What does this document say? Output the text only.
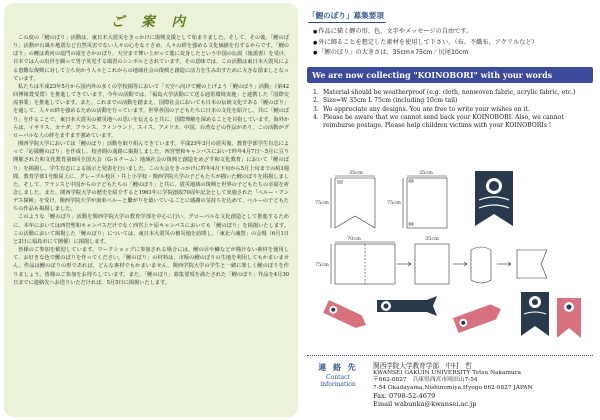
ご 案 内

この度の「鯉のぼり」活動は、東日本大震災をきっかけに復興支援として始まりました。そして、その後、「鯉のぼり」活動が台風や地震など自然災害でない人々の心をなぐさめ、人々の絆を強める文化価値を有するからです。「鯉のぼり」の鯉は黄河の竜門の滝をさかのぼり、天空まで舞い上がって龍に変身したという中国の伝説（後漢書）を受け、日本では人の出世を願って男子英児する風習のシンボルとされています。その意味では、この活動は東日本大震災による患難な復興に対して立ち向かう人々とこれからの地域社会の復興と創造に活力を生み出すために大きな励ましとなっています。

私たちは平成23年5月から国内外の多くの学校園等において「天空へ向けて鯉の上げよう「鯉のぼり」活動」（第42回博報賞受賞）を推進してきています。今年の活動では、「福島大学活動にて送る通常環境実施」と連携した「国際交流事業」を推進しています。また、これまでの活動を踏まえ、国際社会においても日本の伝統文化である「鯉のぼり」を通して、人々の絆を強めるための活動を行っています。世界各国の子どもたちに日本の文化を紹介し、共に「鯉のぼり」を作ることで、東日本大震災の被災地への思いを伝えると共に、国際理解を深めることを目指しています。海外からは、イギリス、カナダ、フランス、フィンランド、スイス、アメリカ、中国、台湾などの作品があり、この活動がグローバルな人の絆をますます強めています。

関西学院大学においては「鯉のぼり」活動を取り組んできています。平成23年3月の震災後、教育学部学生有志によって「応援鯉のぼり」を作成し、校舎間の通路に掲揚しました。西宮聖和キャンパスにおいて昨年4月7日〜5月に亘り開催された和文化教育第8回全国大会（G-Ｓチーム）地域社会の復興と創造をめざす和文化教育」において「鯉のぼり」を掲揚し、学生有志による展示と発表を行いました。この大会をきっかけに昨年4月下旬から5月上旬までの約1週間、教育学部1号館屋上に、グレープル校区・井上小学校・関西学院大学の子どもたちが描いた鯉のぼりを掲揚しました。そして、フランスと中国からの子どもたちの「鯉のぼり」と共に、震災地域の復興と世界の子どもたちの幸福を祈念しました。また、関西学院大学の歴史を紹介すると1961年に学院創設70周年記念として実施された「ペルー・アンデス探検」を受け、関西学院大学が南米ペルーと繋がりを築いていることに感謝の気持ちを込めて、ペルーの子どもたちの作品も掲揚しました。

このような「鯉のぼり」活動を関西学院大学の教育学部を中心に行い、グローバルな文化創造として推進するために、本年においては西宮聖和キャンパスだけでなく西宮上ケ原キャンパスにおいても「鯉のぼり」を掲揚いたします。この活動において掲揚した「鯉のぼり」については、東日本大震災の被災地を訪問し、「東北六魂祭」の会場（6月1日と2日に福島市にて開催）に掲揚します。

皆様のご参加を歓迎しています。ワークショップに参加される場合には、鯉の目や鱗などが描けない素材を使用して、お好きな色で鯉のぼりを作ってください。「鯉のぼり」の材料は、市販の鯉のぼりの生地を利用してもかまいません。作品は鯉のぼりの形であれば、どんな素材でもかまいません。関西学院大学の学生と一緒に楽しく鯉のぼりを作りましょう。皆様のご参加をお待ちしています。また、「鯉のぼり」募集要項を満たされた「鯉のぼり」作品を4月30日までに連絡先へお送りいただければ、5月5日に掲揚いたします。

「鯉のぼり」募集要項
● 作品に描く鯉の形、色、文字やメッセージの自由です。
● 外に飾ることを想定した素材を使用して下さい。（布、不織布、アクリルなど）
● 「鯉のぼり」の大きさは、35cm×75cm／尻尾10cm
We are now collecting "KOINOBORI" with your words
1. Material should be weatherproof (e.g. cloth, nonwoven fabric, acrylic fabric, etc.)
2. Size=W 35cm L 75cm (including 10cm tail)
3. We appreciate any designs. You are free to write your wishes on it.
4. Please be aware that we cannot send back your KOINOBORI. Also, we cannot reimburse postage. Please help children victims with your KOINOBORIs !
35cm
75cm
35cm
75cm
70cm
75cm
35cm
連 絡 先
Contact information
関西学院大学教育学部　中村　哲
KWANSEI GAKUIN UNIVERSITY Tetsu Nakamura
〒662-0827　兵庫県西宮市岡田山7-54
7-54 Okadayama,Nishinomiya,Hyogo 662-0827 JAPAN
Fax. 0798-52-4679
Email wabunka@kwansei.ac.jp
